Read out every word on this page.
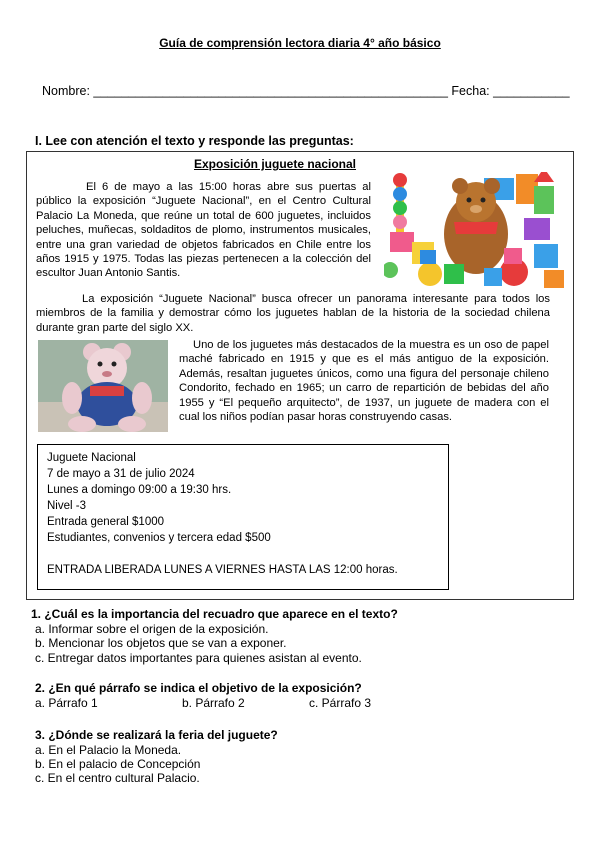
Guía de comprensión lectora diaria 4° año básico
Nombre: ___________________________________________________ Fecha: ___________
I. Lee con atención el texto y responde las preguntas:
Exposición juguete nacional
El 6 de mayo a las 15:00 horas abre sus puertas al público la exposición “Juguete Nacional”, en el Centro Cultural Palacio La Moneda, que reúne un total de 600 juguetes, incluidos peluches, muñecas, soldaditos de plomo, instrumentos musicales, entre una gran variedad de objetos fabricados en Chile entre los años 1915 y 1975. Todas las piezas pertenecen a la colección del escultor Juan Antonio Santis.
La exposición “Juguete Nacional” busca ofrecer un panorama interesante para todos los miembros de la familia y demostrar cómo los juguetes hablan de la historia de la sociedad chilena durante gran parte del siglo XX.
Uno de los juguetes más destacados de la muestra es un oso de papel maché fabricado en 1915 y que es el más antiguo de la exposición. Además, resaltan juguetes únicos, como una figura del personaje chileno Condorito, fechado en 1965; un carro de repartición de bebidas del año 1955 y “El pequeño arquitecto”, de 1937, un juguete de madera con el cual los niños podían pasar horas construyendo casas.
Juguete Nacional
7 de mayo a 31 de julio 2024
Lunes a domingo 09:00 a 19:30 hrs.
Nivel -3
Entrada general $1000
Estudiantes, convenios y tercera edad $500
ENTRADA LIBERADA LUNES A VIERNES HASTA LAS 12:00 horas.
1. ¿Cuál es la importancia del recuadro que aparece en el texto?
a. Informar sobre el origen de la exposición.
b. Mencionar los objetos que se van a exponer.
c. Entregar datos importantes para quienes asistan al evento.
2. ¿En qué párrafo se indica el objetivo de la exposición?
a. Párrafo 1	b. Párrafo 2	c. Párrafo 3
3. ¿Dónde se realizará la feria del juguete?
a. En el Palacio la Moneda.
b. En el palacio de Concepción
c. En el centro cultural Palacio.
